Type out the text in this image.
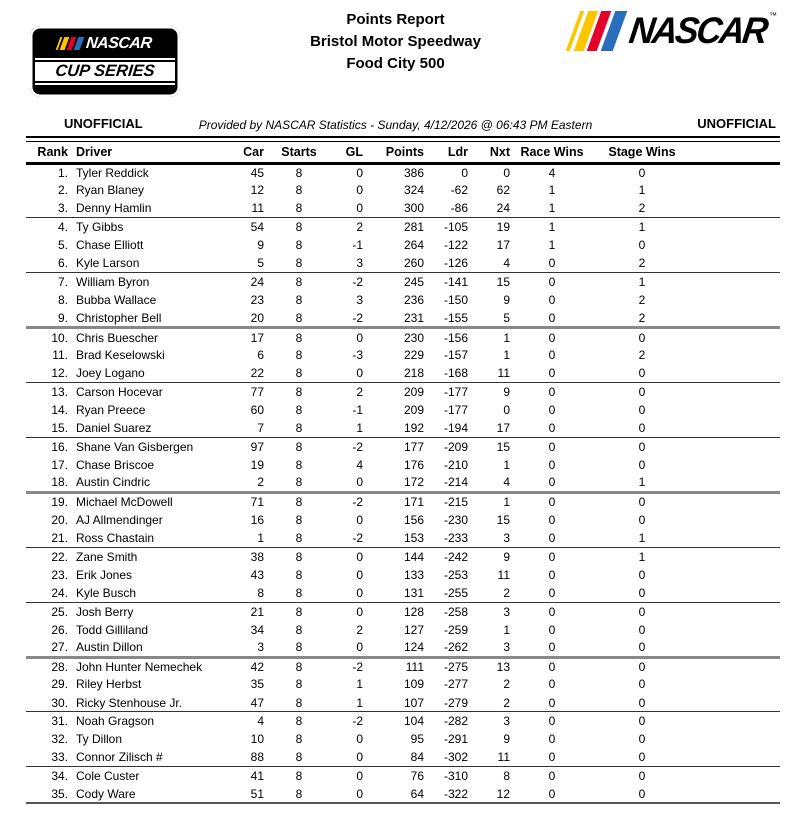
NASCAR
CUP SERIES
Points Report
Bristol Motor Speedway
Food City 500
NASCAR ™
UNOFFICIAL	Provided by NASCAR Statistics - Sunday, 4/12/2026 @ 06:43 PM Eastern	UNOFFICIAL
Rank	Driver	Car	Starts	GL	Points	Ldr	Nxt	Race Wins	Stage Wins	
1.	Tyler Reddick	45	8	0	386	0	0	4	0	
2.	Ryan Blaney	12	8	0	324	-62	62	1	1	
3.	Denny Hamlin	11	8	0	300	-86	24	1	2	
4.	Ty Gibbs	54	8	2	281	-105	19	1	1	
5.	Chase Elliott	9	8	-1	264	-122	17	1	0	
6.	Kyle Larson	5	8	3	260	-126	4	0	2	
7.	William Byron	24	8	-2	245	-141	15	0	1	
8.	Bubba Wallace	23	8	3	236	-150	9	0	2	
9.	Christopher Bell	20	8	-2	231	-155	5	0	2	
10.	Chris Buescher	17	8	0	230	-156	1	0	0	
11.	Brad Keselowski	6	8	-3	229	-157	1	0	2	
12.	Joey Logano	22	8	0	218	-168	11	0	0	
13.	Carson Hocevar	77	8	2	209	-177	9	0	0	
14.	Ryan Preece	60	8	-1	209	-177	0	0	0	
15.	Daniel Suarez	7	8	1	192	-194	17	0	0	
16.	Shane Van Gisbergen	97	8	-2	177	-209	15	0	0	
17.	Chase Briscoe	19	8	4	176	-210	1	0	0	
18.	Austin Cindric	2	8	0	172	-214	4	0	1	
19.	Michael McDowell	71	8	-2	171	-215	1	0	0	
20.	AJ Allmendinger	16	8	0	156	-230	15	0	0	
21.	Ross Chastain	1	8	-2	153	-233	3	0	1	
22.	Zane Smith	38	8	0	144	-242	9	0	1	
23.	Erik Jones	43	8	0	133	-253	11	0	0	
24.	Kyle Busch	8	8	0	131	-255	2	0	0	
25.	Josh Berry	21	8	0	128	-258	3	0	0	
26.	Todd Gilliland	34	8	2	127	-259	1	0	0	
27.	Austin Dillon	3	8	0	124	-262	3	0	0	
28.	John Hunter Nemechek	42	8	-2	111	-275	13	0	0	
29.	Riley Herbst	35	8	1	109	-277	2	0	0	
30.	Ricky Stenhouse Jr.	47	8	1	107	-279	2	0	0	
31.	Noah Gragson	4	8	-2	104	-282	3	0	0	
32.	Ty Dillon	10	8	0	95	-291	9	0	0	
33.	Connor Zilisch #	88	8	0	84	-302	11	0	0	
34.	Cole Custer	41	8	0	76	-310	8	0	0	
35.	Cody Ware	51	8	0	64	-322	12	0	0	
